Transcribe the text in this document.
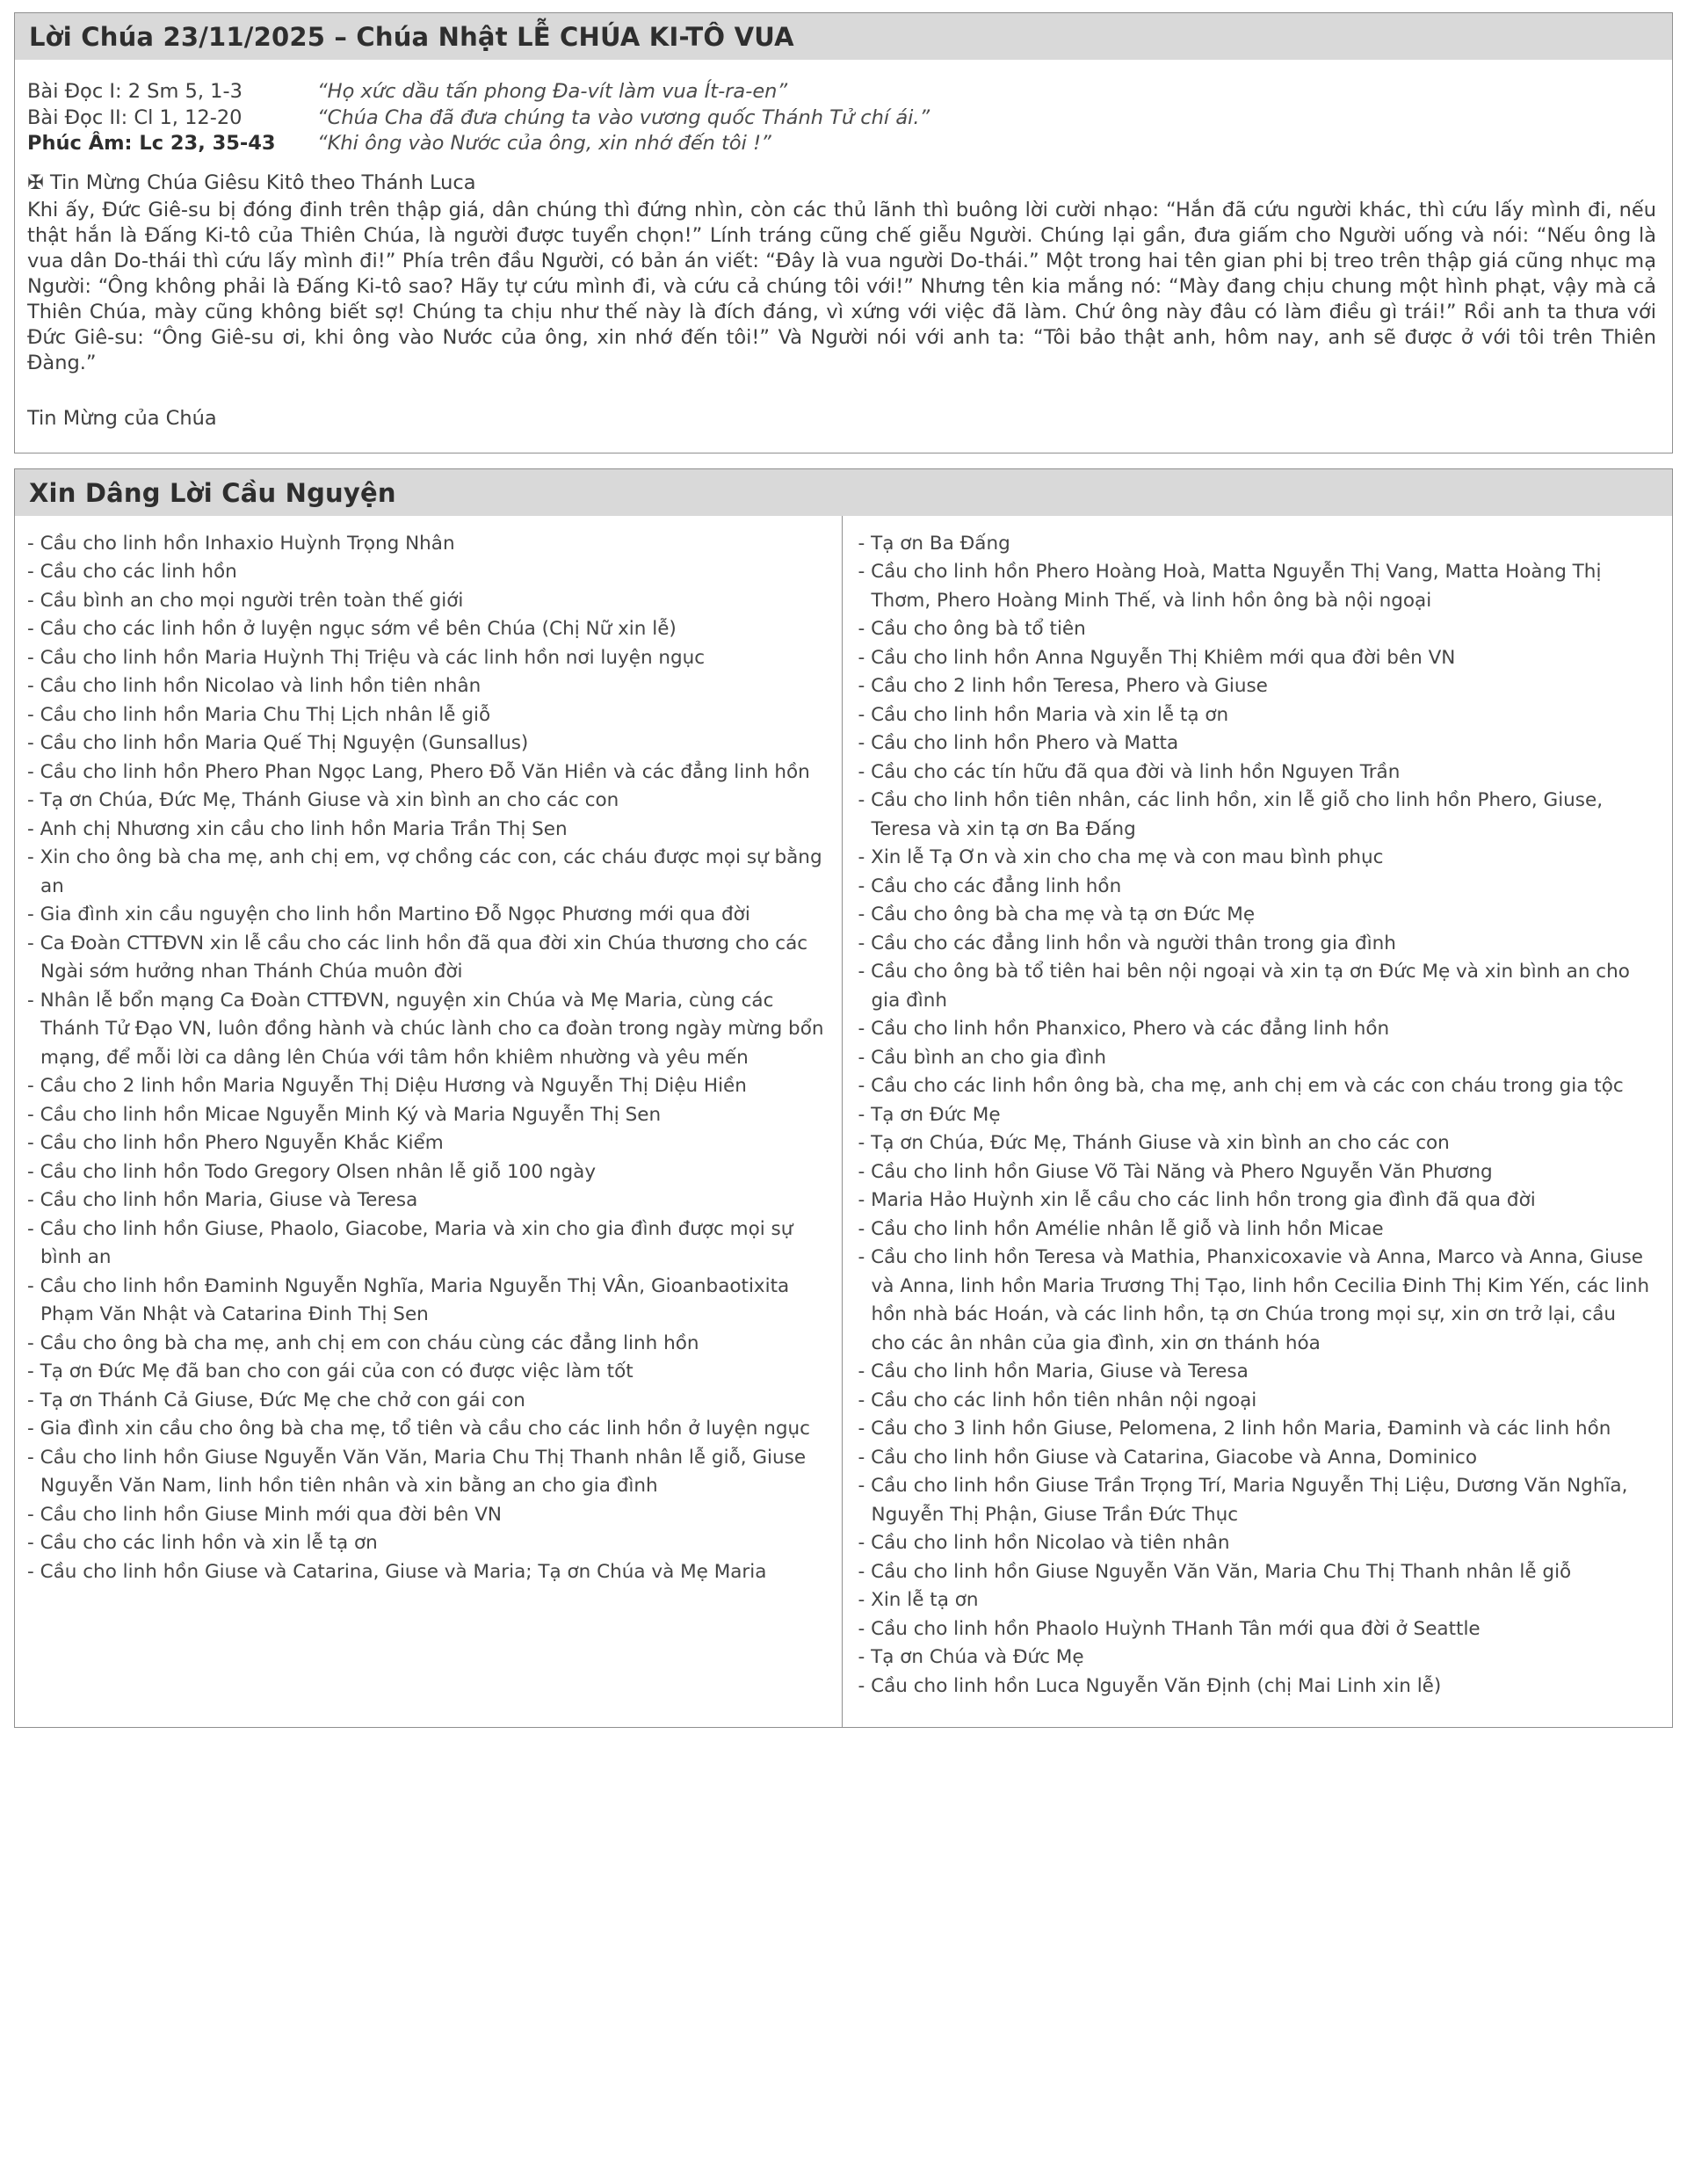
Lời Chúa 23/11/2025 – Chúa Nhật LỄ CHÚA KI-TÔ VUA
Bài Đọc I: 2 Sm 5, 1-3	“Họ xức dầu tấn phong Đa-vít làm vua Ít-ra-en”
Bài Đọc II: Cl 1, 12-20	“Chúa Cha đã đưa chúng ta vào vương quốc Thánh Tử chí ái.”
Phúc Âm: Lc 23, 35-43	“Khi ông vào Nước của ông, xin nhớ đến tôi !”

✠ Tin Mừng Chúa Giêsu Kitô theo Thánh Luca

Khi ấy, Đức Giê-su bị đóng đinh trên thập giá, dân chúng thì đứng nhìn, còn các thủ lãnh thì buông lời cười nhạo: “Hắn đã cứu người khác, thì cứu lấy mình đi, nếu thật hắn là Đấng Ki-tô của Thiên Chúa, là người được tuyển chọn!” Lính tráng cũng chế giễu Người. Chúng lại gần, đưa giấm cho Người uống và nói: “Nếu ông là vua dân Do-thái thì cứu lấy mình đi!” Phía trên đầu Người, có bản án viết: “Đây là vua người Do-thái.” Một trong hai tên gian phi bị treo trên thập giá cũng nhục mạ Người: “Ông không phải là Đấng Ki-tô sao? Hãy tự cứu mình đi, và cứu cả chúng tôi với!” Nhưng tên kia mắng nó: “Mày đang chịu chung một hình phạt, vậy mà cả Thiên Chúa, mày cũng không biết sợ! Chúng ta chịu như thế này là đích đáng, vì xứng với việc đã làm. Chứ ông này đâu có làm điều gì trái!” Rồi anh ta thưa với Đức Giê-su: “Ông Giê-su ơi, khi ông vào Nước của ông, xin nhớ đến tôi!” Và Người nói với anh ta: “Tôi bảo thật anh, hôm nay, anh sẽ được ở với tôi trên Thiên Đàng.”

Tin Mừng của Chúa

Xin Dâng Lời Cầu Nguyện
- Cầu cho linh hồn Inhaxio Huỳnh Trọng Nhân
- Cầu cho các linh hồn
- Cầu bình an cho mọi người trên toàn thế giới
- Cầu cho các linh hồn ở luyện ngục sớm về bên Chúa (Chị Nữ xin lễ)
- Cầu cho linh hồn Maria Huỳnh Thị Triệu và các linh hồn nơi luyện ngục
- Cầu cho linh hồn Nicolao và linh hồn tiên nhân
- Cầu cho linh hồn Maria Chu Thị Lịch nhân lễ giỗ
- Cầu cho linh hồn Maria Quế Thị Nguyện (Gunsallus)
- Cầu cho linh hồn Phero Phan Ngọc Lang, Phero Đỗ Văn Hiền và các đẳng linh hồn
- Tạ ơn Chúa, Đức Mẹ, Thánh Giuse và xin bình an cho các con
- Anh chị Nhương xin cầu cho linh hồn Maria Trần Thị Sen
- Xin cho ông bà cha mẹ, anh chị em, vợ chồng các con, các cháu được mọi sự bằng an
- Gia đình xin cầu nguyện cho linh hồn Martino Đỗ Ngọc Phương mới qua đời
- Ca Đoàn CTTĐVN xin lễ cầu cho các linh hồn đã qua đời xin Chúa thương cho các Ngài sớm hưởng nhan Thánh Chúa muôn đời
- Nhân lễ bổn mạng Ca Đoàn CTTĐVN, nguyện xin Chúa và Mẹ Maria, cùng các Thánh Tử Đạo VN, luôn đồng hành và chúc lành cho ca đoàn trong ngày mừng bổn mạng, để mỗi lời ca dâng lên Chúa với tâm hồn khiêm nhường và yêu mến
- Cầu cho 2 linh hồn Maria Nguyễn Thị Diệu Hương và Nguyễn Thị Diệu Hiền
- Cầu cho linh hồn Micae Nguyễn Minh Ký và Maria Nguyễn Thị Sen
- Cầu cho linh hồn Phero Nguyễn Khắc Kiểm
- Cầu cho linh hồn Todo Gregory Olsen nhân lễ giỗ 100 ngày
- Cầu cho linh hồn Maria, Giuse và Teresa
- Cầu cho linh hồn Giuse, Phaolo, Giacobe, Maria và xin cho gia đình được mọi sự bình an
- Cầu cho linh hồn Đaminh Nguyễn Nghĩa, Maria Nguyễn Thị VÂn, Gioanbaotixita Phạm Văn Nhật và Catarina Đinh Thị Sen
- Cầu cho ông bà cha mẹ, anh chị em con cháu cùng các đẳng linh hồn
- Tạ ơn Đức Mẹ đã ban cho con gái của con có được việc làm tốt
- Tạ ơn Thánh Cả Giuse, Đức Mẹ che chở con gái con
- Gia đình xin cầu cho ông bà cha mẹ, tổ tiên và cầu cho các linh hồn ở luyện ngục
- Cầu cho linh hồn Giuse Nguyễn Văn Văn, Maria Chu Thị Thanh nhân lễ giỗ, Giuse Nguyễn Văn Nam, linh hồn tiên nhân và xin bằng an cho gia đình
- Cầu cho linh hồn Giuse Minh mới qua đời bên VN
- Cầu cho các linh hồn và xin lễ tạ ơn
- Cầu cho linh hồn Giuse và Catarina, Giuse và Maria; Tạ ơn Chúa và Mẹ Maria
- Tạ ơn Ba Đấng
- Cầu cho linh hồn Phero Hoàng Hoà, Matta Nguyễn Thị Vang, Matta Hoàng Thị Thơm, Phero Hoàng Minh Thế, và linh hồn ông bà nội ngoại
- Cầu cho ông bà tổ tiên
- Cầu cho linh hồn Anna Nguyễn Thị Khiêm mới qua đời bên VN
- Cầu cho 2 linh hồn Teresa, Phero và Giuse
- Cầu cho linh hồn Maria và xin lễ tạ ơn
- Cầu cho linh hồn Phero và Matta
- Cầu cho các tín hữu đã qua đời và linh hồn Nguyen Trần
- Cầu cho linh hồn tiên nhân, các linh hồn, xin lễ giỗ cho linh hồn Phero, Giuse, Teresa và xin tạ ơn Ba Đấng
- Xin lễ Tạ Ơn và xin cho cha mẹ và con mau bình phục
- Cầu cho các đẳng linh hồn
- Cầu cho ông bà cha mẹ và tạ ơn Đức Mẹ
- Cầu cho các đẳng linh hồn và người thân trong gia đình
- Cầu cho ông bà tổ tiên hai bên nội ngoại và xin tạ ơn Đức Mẹ và xin bình an cho gia đình
- Cầu cho linh hồn Phanxico, Phero và các đẳng linh hồn
- Cầu bình an cho gia đình
- Cầu cho các linh hồn ông bà, cha mẹ, anh chị em và các con cháu trong gia tộc
- Tạ ơn Đức Mẹ
- Tạ ơn Chúa, Đức Mẹ, Thánh Giuse và xin bình an cho các con
- Cầu cho linh hồn Giuse Võ Tài Năng và Phero Nguyễn Văn Phương
- Maria Hảo Huỳnh xin lễ cầu cho các linh hồn trong gia đình đã qua đời
- Cầu cho linh hồn Amélie nhân lễ giỗ và linh hồn Micae
- Cầu cho linh hồn Teresa và Mathia, Phanxicoxavie và Anna, Marco và Anna, Giuse và Anna, linh hồn Maria Trương Thị Tạo, linh hồn Cecilia Đinh Thị Kim Yến, các linh hồn nhà bác Hoán, và các linh hồn, tạ ơn Chúa trong mọi sự, xin ơn trở lại, cầu cho các ân nhân của gia đình, xin ơn thánh hóa
- Cầu cho linh hồn Maria, Giuse và Teresa
- Cầu cho các linh hồn tiên nhân nội ngoại
- Cầu cho 3 linh hồn Giuse, Pelomena, 2 linh hồn Maria, Đaminh và các linh hồn
- Cầu cho linh hồn Giuse và Catarina, Giacobe và Anna, Dominico
- Cầu cho linh hồn Giuse Trần Trọng Trí, Maria Nguyễn Thị Liệu, Dương Văn Nghĩa, Nguyễn Thị Phận, Giuse Trần Đức Thục
- Cầu cho linh hồn Nicolao và tiên nhân
- Cầu cho linh hồn Giuse Nguyễn Văn Văn, Maria Chu Thị Thanh nhân lễ giỗ
- Xin lễ tạ ơn
- Cầu cho linh hồn Phaolo Huỳnh THanh Tân mới qua đời ở Seattle
- Tạ ơn Chúa và Đức Mẹ
- Cầu cho linh hồn Luca Nguyễn Văn Định (chị Mai Linh xin lễ)
